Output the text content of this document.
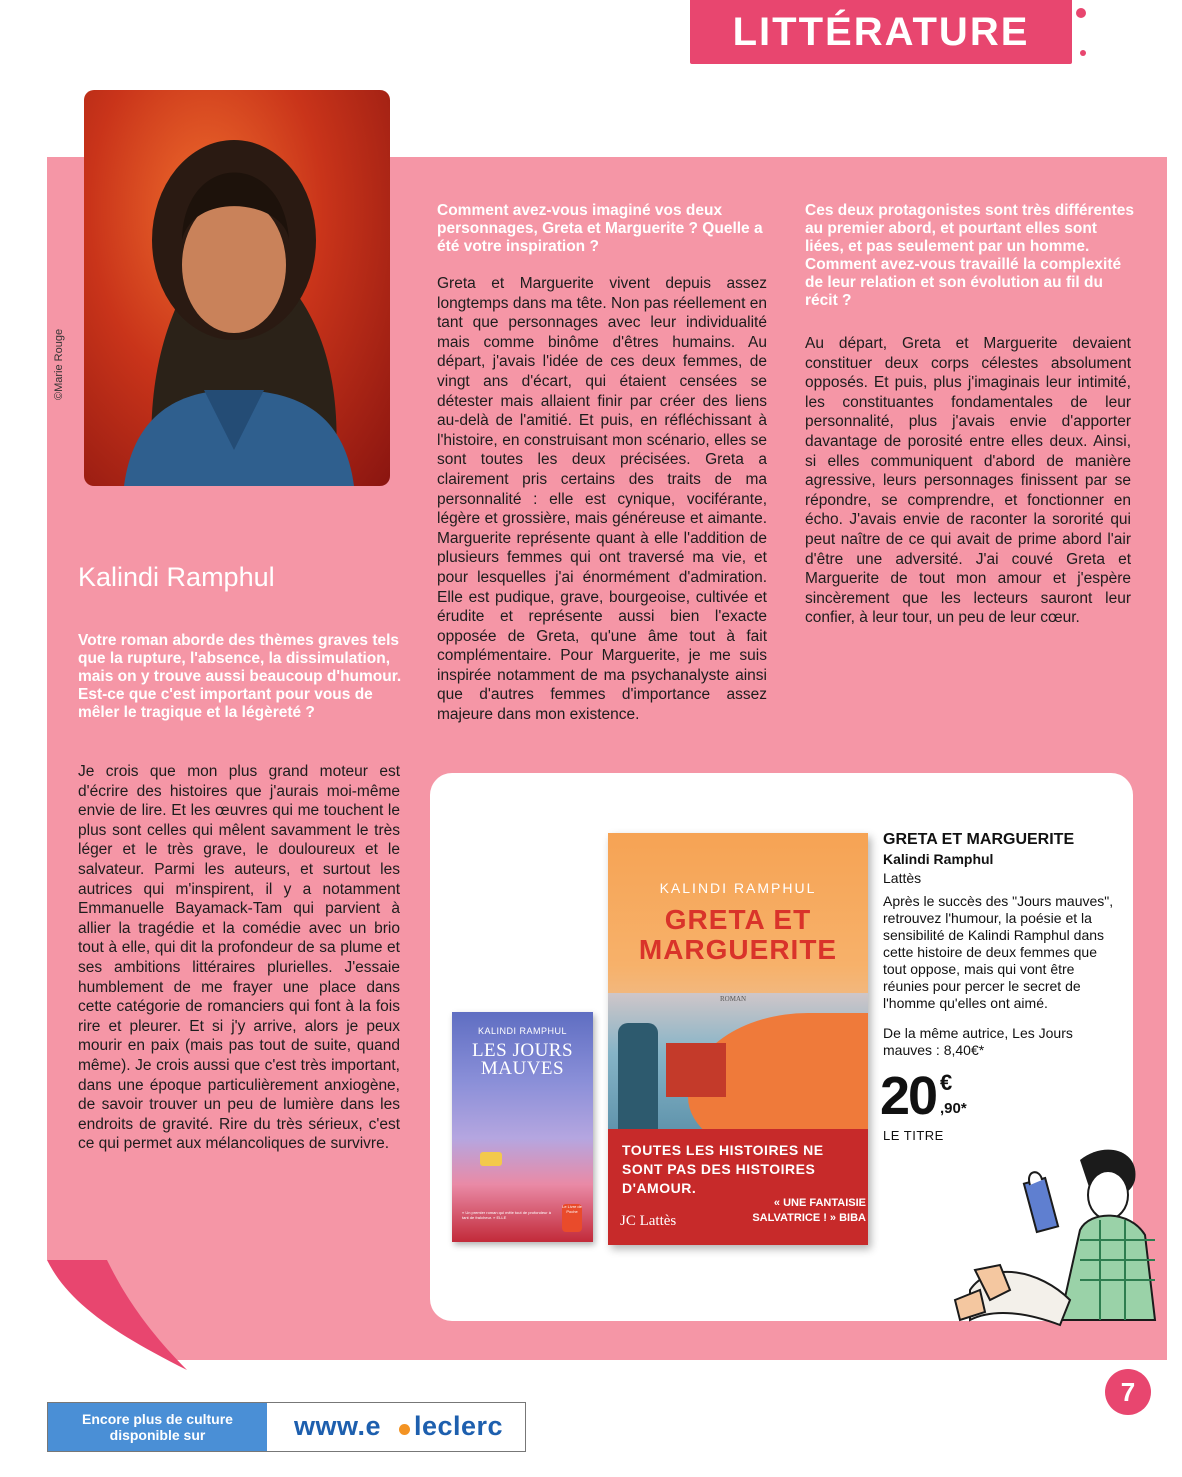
LITTÉRATURE
©Marie Rouge
Kalindi Ramphul
Votre roman aborde des thèmes graves tels que la rupture, l'absence, la dissimulation, mais on y trouve aussi beaucoup d'humour. Est-ce que c'est important pour vous de mêler le tragique et la légèreté ?
Je crois que mon plus grand moteur est d'écrire des histoires que j'aurais moi-même envie de lire. Et les œuvres qui me touchent le plus sont celles qui mêlent savamment le très léger et le très grave, le douloureux et le salvateur. Parmi les auteurs, et surtout les autrices qui m'inspirent, il y a notamment Emmanuelle Bayamack-Tam qui parvient à allier la tragédie et la comédie avec un brio tout à elle, qui dit la profondeur de sa plume et ses ambitions littéraires plurielles. J'essaie humblement de me frayer une place dans cette catégorie de romanciers qui font à la fois rire et pleurer. Et si j'y arrive, alors je peux mourir en paix (mais pas tout de suite, quand même). Je crois aussi que c'est très important, dans une époque particulièrement anxiogène, de savoir trouver un peu de lumière dans les endroits de gravité. Rire du très sérieux, c'est ce qui permet aux mélancoliques de survivre.
Comment avez-vous imaginé vos deux personnages, Greta et Marguerite ? Quelle a été votre inspiration ?
Greta et Marguerite vivent depuis assez longtemps dans ma tête. Non pas réellement en tant que personnages avec leur individualité mais comme binôme d'êtres humains. Au départ, j'avais l'idée de ces deux femmes, de vingt ans d'écart, qui étaient censées se détester mais allaient finir par créer des liens au-delà de l'amitié. Et puis, en réfléchissant à l'histoire, en construisant mon scénario, elles se sont toutes les deux précisées. Greta a clairement pris certains des traits de ma personnalité : elle est cynique, vociférante, légère et grossière, mais généreuse et aimante. Marguerite représente quant à elle l'addition de plusieurs femmes qui ont traversé ma vie, et pour lesquelles j'ai énormément d'admiration. Elle est pudique, grave, bourgeoise, cultivée et érudite et représente aussi bien l'exacte opposée de Greta, qu'une âme tout à fait complémentaire. Pour Marguerite, je me suis inspirée notamment de ma psychanalyste ainsi que d'autres femmes d'importance assez majeure dans mon existence.
Ces deux protagonistes sont très différentes au premier abord, et pourtant elles sont liées, et pas seulement par un homme. Comment avez-vous travaillé la complexité de leur relation et son évolution au fil du récit ?
Au départ, Greta et Marguerite devaient constituer deux corps célestes absolument opposés. Et puis, plus j'imaginais leur intimité, les constituantes fondamentales de leur personnalité, plus j'avais envie d'apporter davantage de porosité entre elles deux. Ainsi, si elles communiquent d'abord de manière agressive, leurs personnages finissent par se répondre, se comprendre, et fonctionner en écho. J'avais envie de raconter la sororité qui peut naître de ce qui avait de prime abord l'air d'être une adversité. J'ai couvé Greta et Marguerite de tout mon amour et j'espère sincèrement que les lecteurs sauront leur confier, à leur tour, un peu de leur cœur.
KALINDI RAMPHUL
LES JOURS MAUVES
« Un premier roman qui mêle tout de profondeur à tant de fraîcheur. » ELLE
Le Livre de Poche
KALINDI RAMPHUL
GRETA ET MARGUERITE
ROMAN
TOUTES LES HISTOIRES NE SONT PAS DES HISTOIRES D'AMOUR.
« UNE FANTAISIE SALVATRICE ! » BIBA
JC Lattès
GRETA ET MARGUERITE
Kalindi Ramphul
Lattès
Après le succès des "Jours mauves", retrouvez l'humour, la poésie et la sensibilité de Kalindi Ramphul dans cette histoire de deux femmes que tout oppose, mais qui vont être réunies pour percer le secret de l'homme qu'elles ont aimé.
De la même autrice, Les Jours mauves : 8,40€*
20 €
,90*
LE TITRE
Encore plus de culture
disponible sur	www.e leclerc
7
